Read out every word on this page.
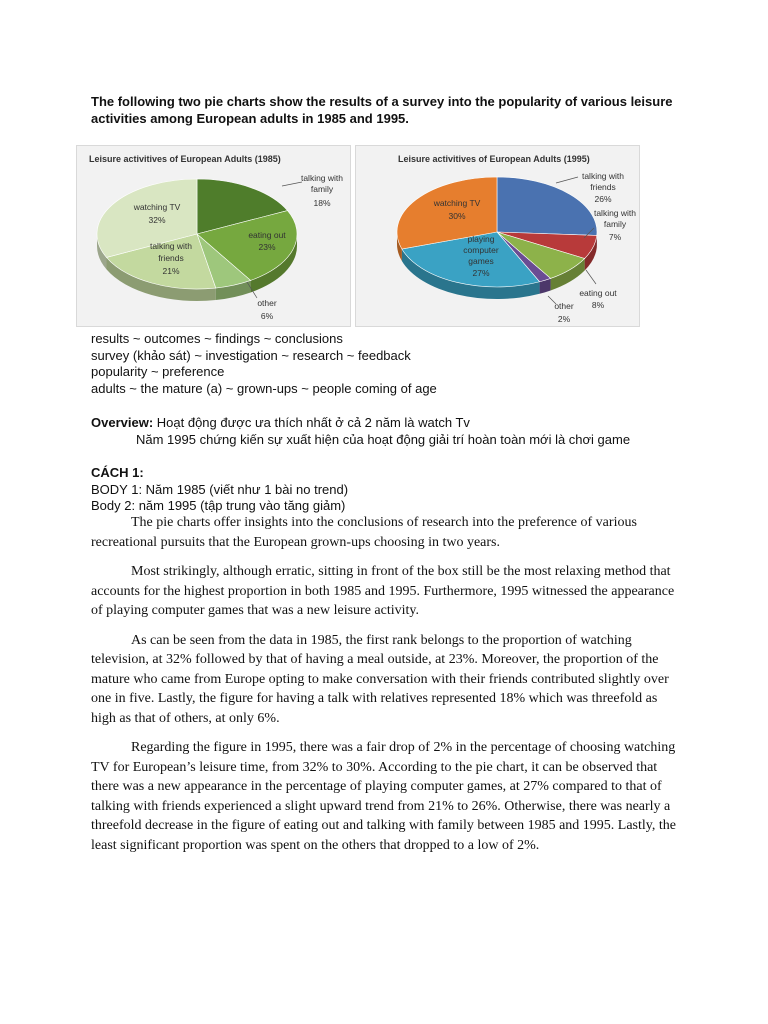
The following two pie charts show the results of a survey into the popularity of various leisure activities among European adults in 1985 and 1995.
Leisure activitives of European Adults (1985)
talking with
family
18%
eating out
23%
other
6%
talking with
friends
21%
watching TV
32%
Leisure activitives of European Adults (1995)
talking with
friends
26%
talking with
family
7%
eating out
8%
other
2%
playing
computer
games
27%
watching TV
30%
results ~ outcomes ~ findings ~ conclusions
survey (khảo sát) ~ investigation ~ research ~ feedback
popularity ~ preference
adults ~ the mature (a) ~ grown-ups ~ people coming of age
Overview: Hoạt động được ưa thích nhất ở cả 2 năm là watch Tv
Năm 1995 chứng kiến sự xuất hiện của hoạt động giải trí hoàn toàn mới là chơi game
CÁCH 1:
BODY 1: Năm 1985 (viết như 1 bài no trend)
Body 2: năm 1995 (tập trung vào tăng giảm)

The pie charts offer insights into the conclusions of research into the preference of various recreational pursuits that the European grown-ups choosing in two years.

Most strikingly, although erratic, sitting in front of the box still be the most relaxing method that accounts for the highest proportion in both 1985 and 1995. Furthermore, 1995 witnessed the appearance of playing computer games that was a new leisure activity.

As can be seen from the data in 1985, the first rank belongs to the proportion of watching television, at 32% followed by that of having a meal outside, at 23%. Moreover, the proportion of the mature who came from Europe opting to make conversation with their friends contributed slightly over one in five. Lastly, the figure for having a talk with relatives represented 18% which was threefold as high as that of others, at only 6%.

Regarding the figure in 1995, there was a fair drop of 2% in the percentage of choosing watching TV for European’s leisure time, from 32% to 30%. According to the pie chart, it can be observed that there was a new appearance in the percentage of playing computer games, at 27% compared to that of talking with friends experienced a slight upward trend from 21% to 26%. Otherwise, there was nearly a threefold decrease in the figure of eating out and talking with family between 1985 and 1995. Lastly, the least significant proportion was spent on the others that dropped to a low of 2%.
